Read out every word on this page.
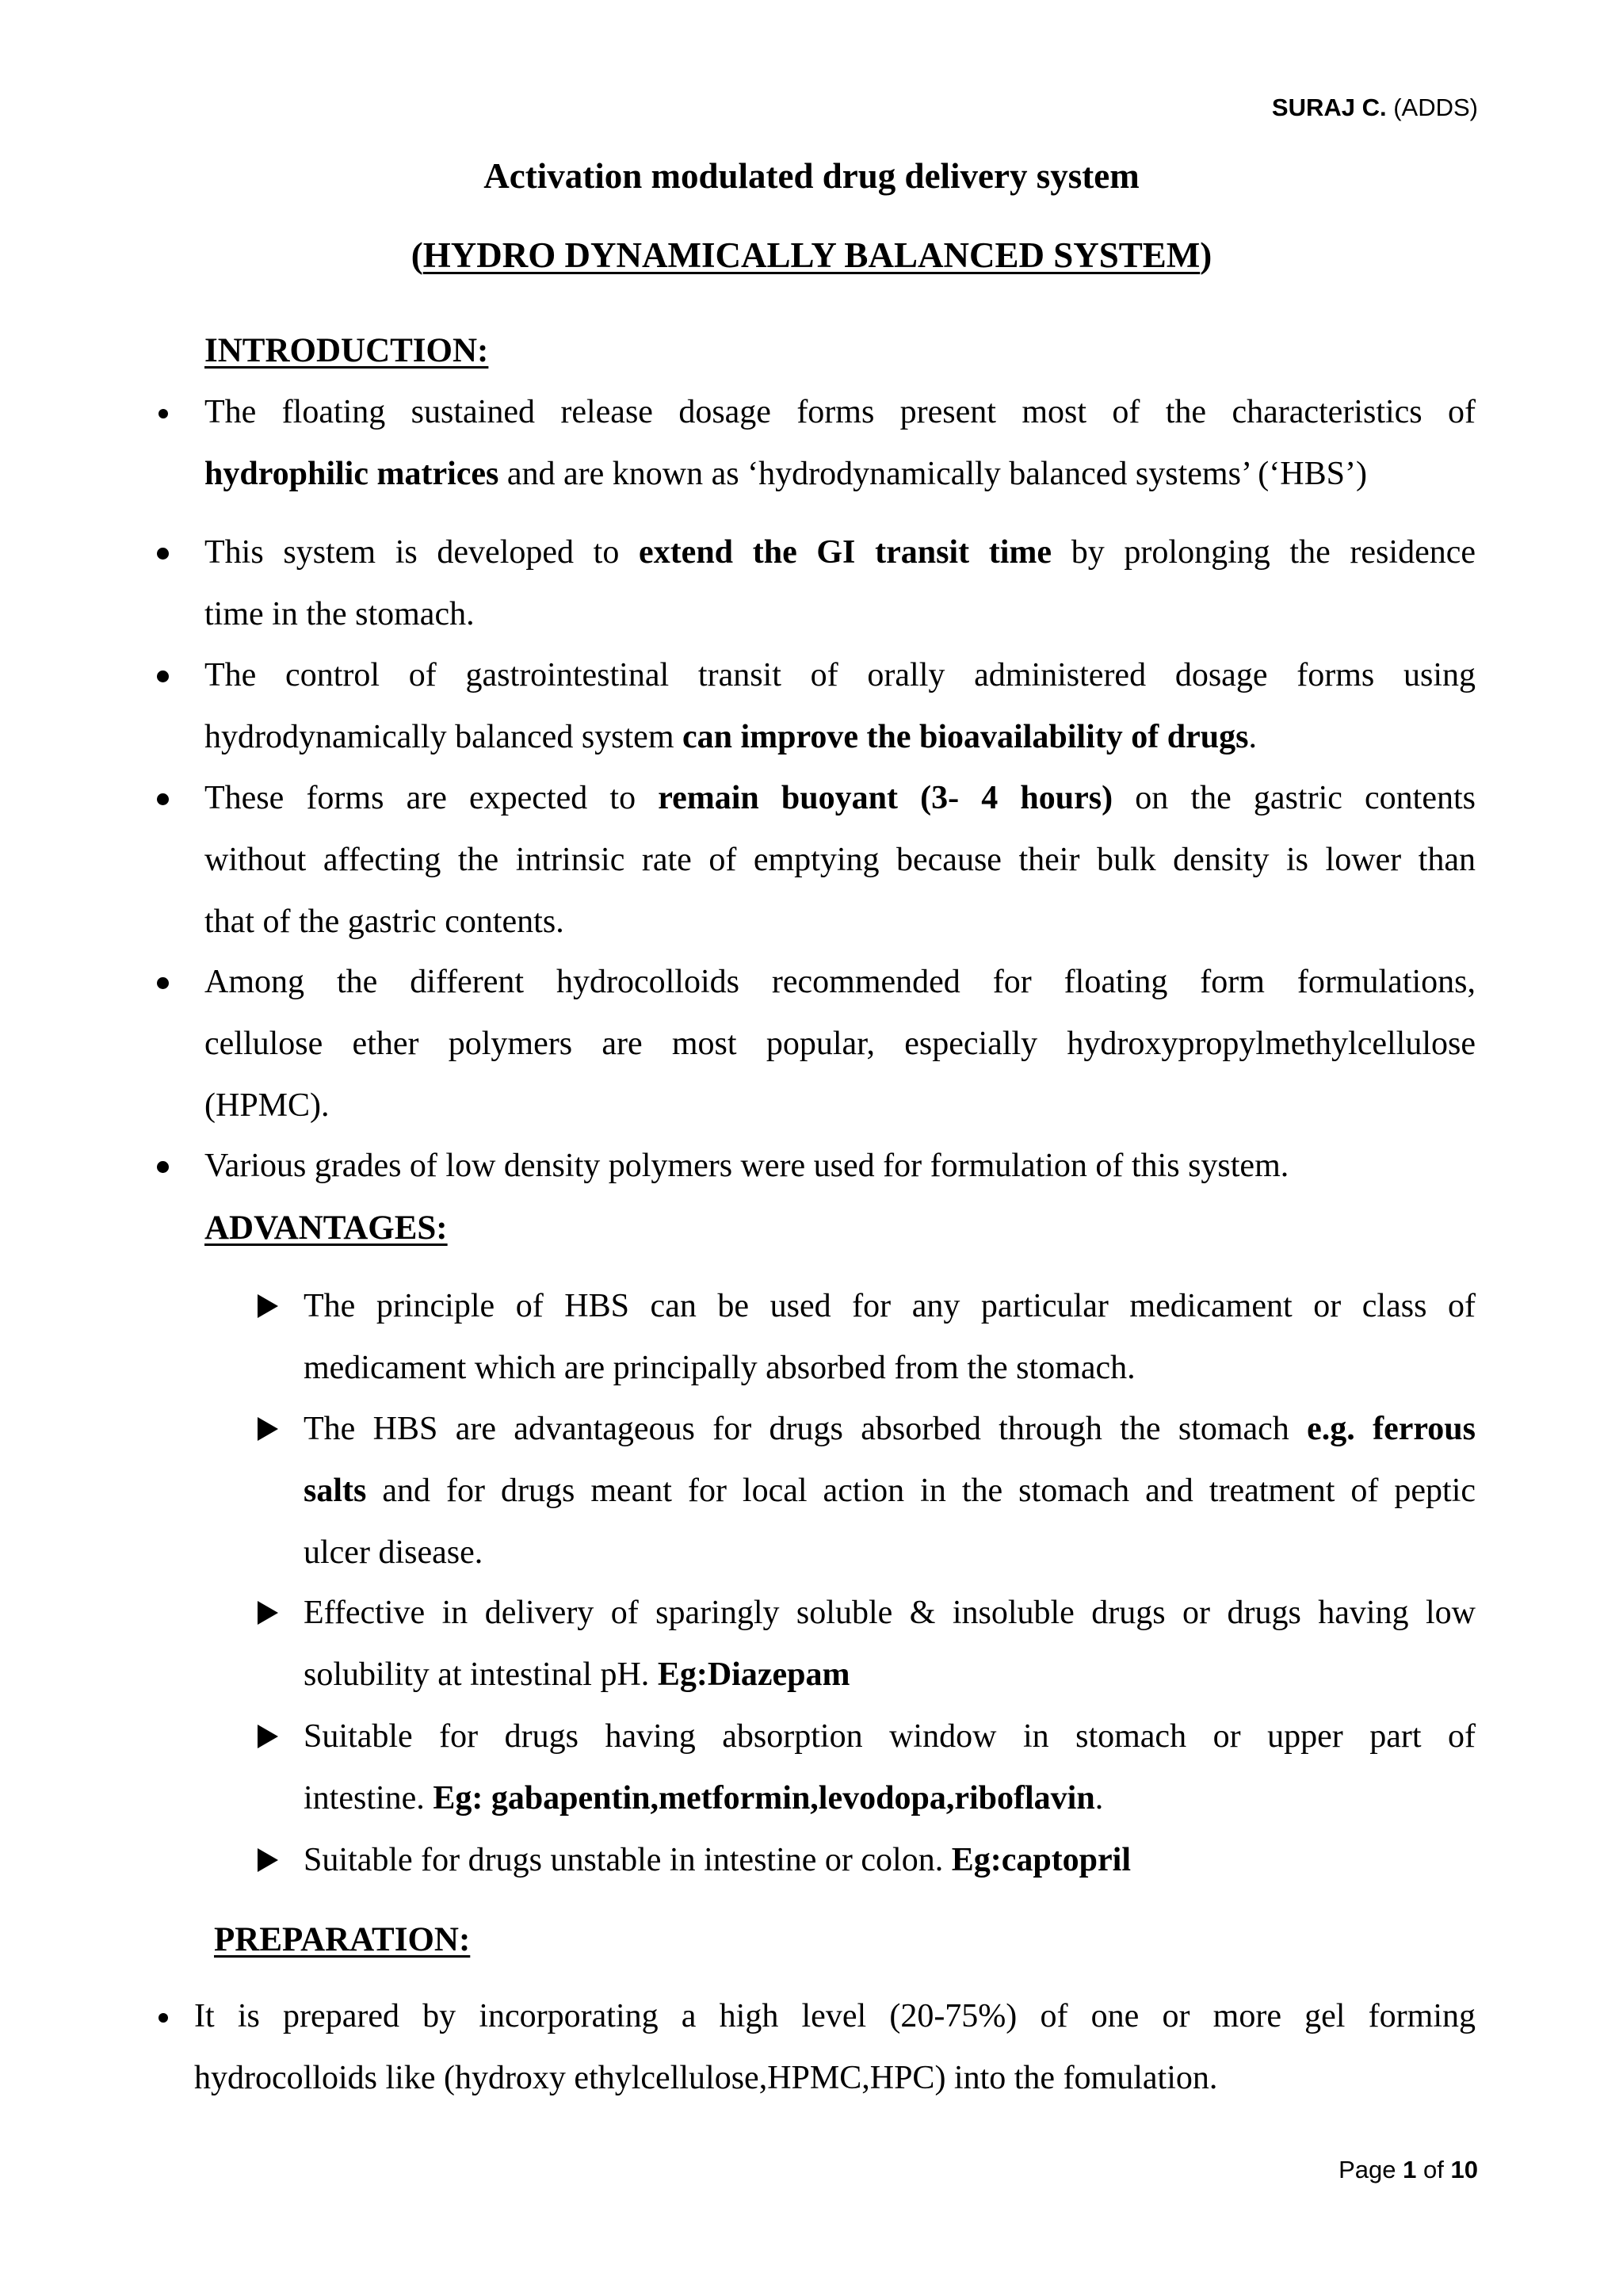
SURAJ C. (ADDS)
Activation modulated drug delivery system
(HYDRO DYNAMICALLY BALANCED SYSTEM)
INTRODUCTION:

The floating sustained release dosage forms present most of the characteristics of

hydrophilic matrices and are known as ‘hydrodynamically balanced systems’ (‘HBS’)

This system is developed to extend the GI transit time by prolonging the residence

time in the stomach.

The control of gastrointestinal transit of orally administered dosage forms using

hydrodynamically balanced system can improve the bioavailability of drugs.

These forms are expected to remain buoyant (3- 4 hours) on the gastric contents

without affecting the intrinsic rate of emptying because their bulk density is lower than

that of the gastric contents.

Among the different hydrocolloids recommended for floating form formulations,

cellulose ether polymers are most popular, especially hydroxypropylmethylcellulose

(HPMC).

Various grades of low density polymers were used for formulation of this system.

ADVANTAGES:

The principle of HBS can be used for any particular medicament or class of

medicament which are principally absorbed from the stomach.

The HBS are advantageous for drugs absorbed through the stomach e.g. ferrous

salts and for drugs meant for local action in the stomach and treatment of peptic

ulcer disease.

Effective in delivery of sparingly soluble & insoluble drugs or drugs having low

solubility at intestinal pH. Eg:Diazepam

Suitable for drugs having absorption window in stomach or upper part of

intestine. Eg: gabapentin,metformin,levodopa,riboflavin.

Suitable for drugs unstable in intestine or colon. Eg:captopril

PREPARATION:

It is prepared by incorporating a high level (20-75%) of one or more gel forming

hydrocolloids like (hydroxy ethylcellulose,HPMC,HPC) into the fomulation.

Page 1 of 10
